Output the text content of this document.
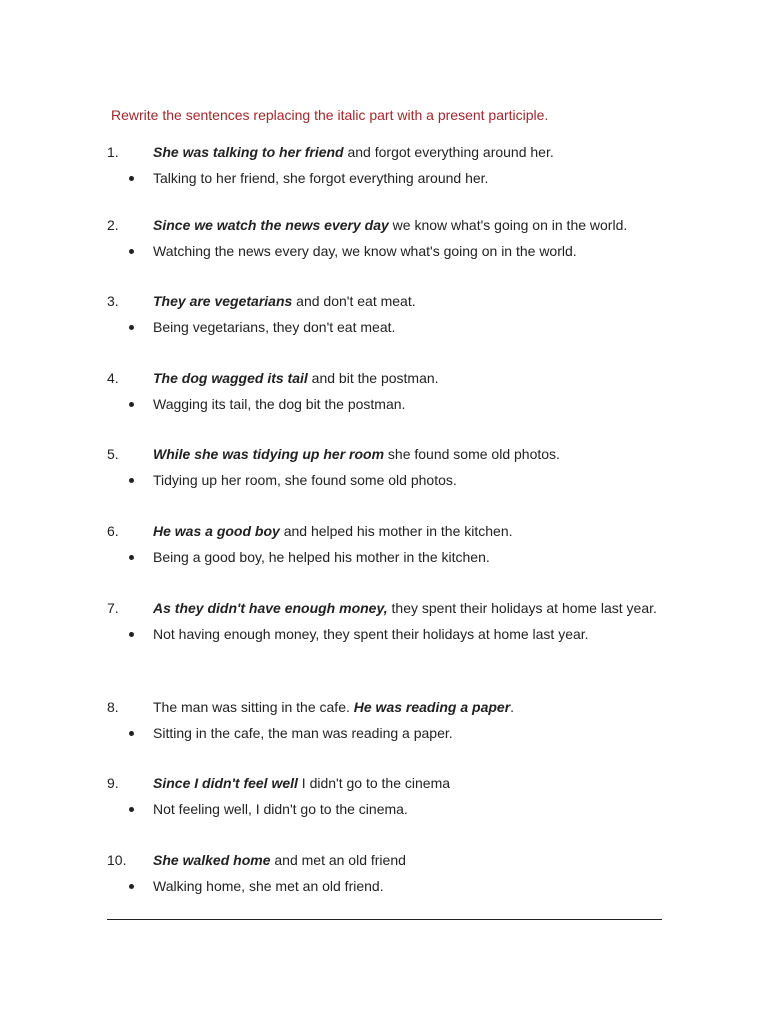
Rewrite the sentences replacing the italic part with a present participle.
1. She was talking to her friend and forgot everything around her.
Talking to her friend, she forgot everything around her.
2. Since we watch the news every day we know what's going on in the world.
Watching the news every day, we know what's going on in the world.
3. They are vegetarians and don't eat meat.
Being vegetarians, they don't eat meat.
4. The dog wagged its tail and bit the postman.
Wagging its tail, the dog bit the postman.
5. While she was tidying up her room she found some old photos.
Tidying up her room, she found some old photos.
6. He was a good boy and helped his mother in the kitchen.
Being a good boy, he helped his mother in the kitchen.
7. As they didn't have enough money, they spent their holidays at home last year.
Not having enough money, they spent their holidays at home last year.
8. The man was sitting in the cafe. He was reading a paper.
Sitting in the cafe, the man was reading a paper.
9. Since I didn't feel well I didn't go to the cinema
Not feeling well, I didn't go to the cinema.
10. She walked home and met an old friend
Walking home, she met an old friend.
